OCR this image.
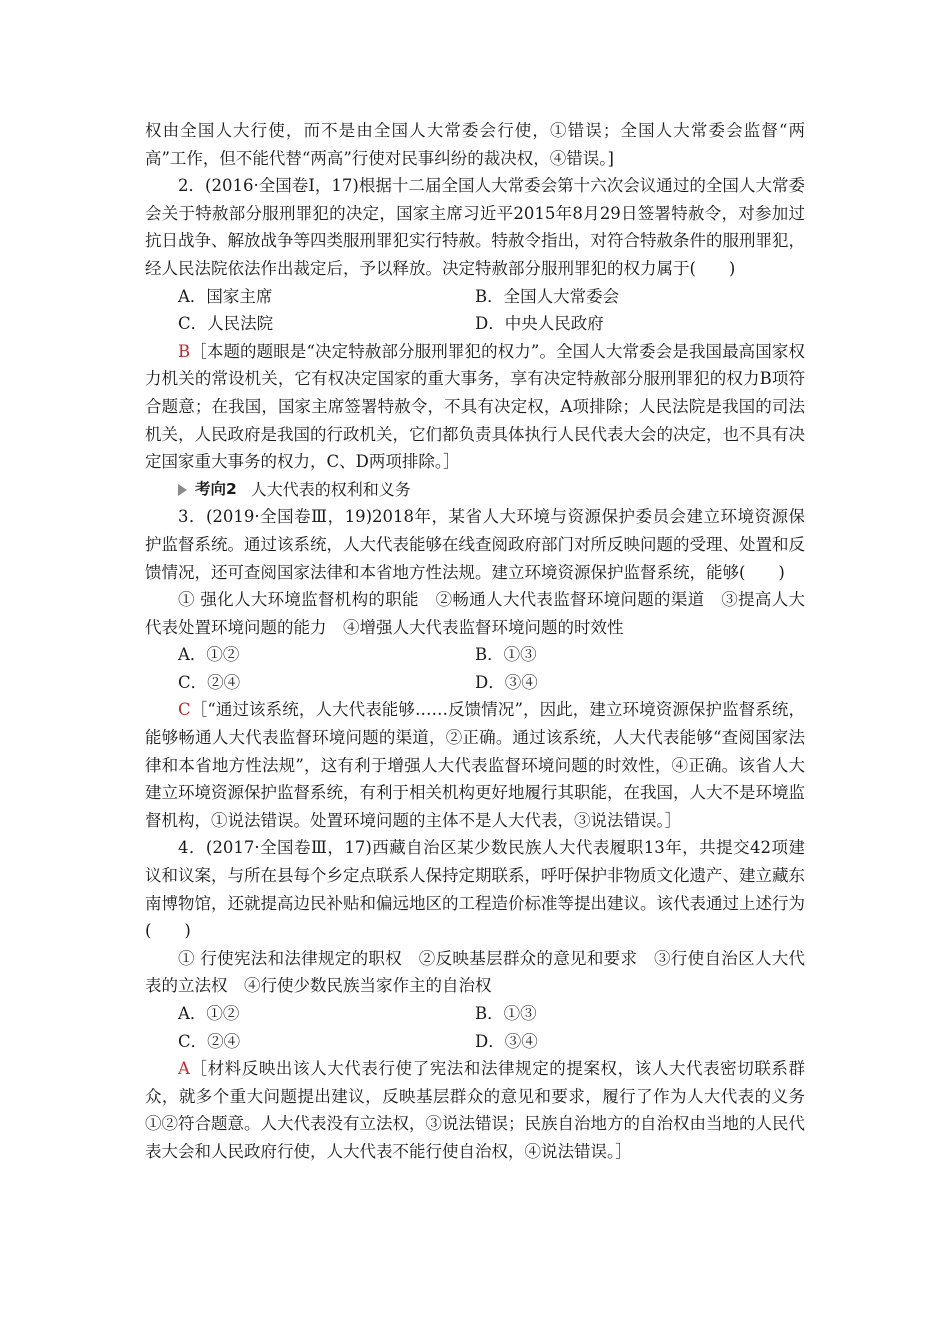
权由全国人大行使，而不是由全国人大常委会行使，①错误；全国人大常委会监督“两高”工作，但不能代替“两高”行使对民事纠纷的裁决权，④错误。]

2．(2016·全国卷Ⅰ，17)根据十二届全国人大常委会第十六次会议通过的全国人大常委会关于特赦部分服刑罪犯的决定，国家主席习近平2015年8月29日签署特赦令，对参加过抗日战争、解放战争等四类服刑罪犯实行特赦。特赦令指出，对符合特赦条件的服刑罪犯，经人民法院依法作出裁定后，予以释放。决定特赦部分服刑罪犯的权力属于(　　)

A．国家主席	B．全国人大常委会
C．人民法院	D．中央人民政府

B［本题的题眼是“决定特赦部分服刑罪犯的权力”。全国人大常委会是我国最高国家权力机关的常设机关，它有权决定国家的重大事务，享有决定特赦部分服刑罪犯的权力B项符合题意；在我国，国家主席签署特赦令，不具有决定权，A项排除；人民法院是我国的司法机关，人民政府是我国的行政机关，它们都负责具体执行人民代表大会的决定，也不具有决定国家重大事务的权力，C、D两项排除。］

考向2 人大代表的权利和义务

3．(2019·全国卷Ⅲ，19)2018年，某省人大环境与资源保护委员会建立环境资源保护监督系统。通过该系统，人大代表能够在线查阅政府部门对所反映问题的受理、处置和反馈情况，还可查阅国家法律和本省地方性法规。建立环境资源保护监督系统，能够(　　)

① 强化人大环境监督机构的职能　②畅通人大代表监督环境问题的渠道　③提高人大代表处置环境问题的能力　④增强人大代表监督环境问题的时效性

A．①②	B．①③
C．②④	D．③④

C［“通过该系统，人大代表能够……反馈情况”，因此，建立环境资源保护监督系统，能够畅通人大代表监督环境问题的渠道，②正确。通过该系统，人大代表能够“查阅国家法律和本省地方性法规”，这有利于增强人大代表监督环境问题的时效性，④正确。该省人大建立环境资源保护监督系统，有利于相关机构更好地履行其职能，在我国，人大不是环境监督机构，①说法错误。处置环境问题的主体不是人大代表，③说法错误。］

4．(2017·全国卷Ⅲ，17)西藏自治区某少数民族人大代表履职13年，共提交42项建议和议案，与所在县每个乡定点联系人保持定期联系，呼吁保护非物质文化遗产、建立藏东南博物馆，还就提高边民补贴和偏远地区的工程造价标准等提出建议。该代表通过上述行为(　　)

① 行使宪法和法律规定的职权　②反映基层群众的意见和要求　③行使自治区人大代表的立法权　④行使少数民族当家作主的自治权

A．①②	B．①③
C．②④	D．③④

A［材料反映出该人大代表行使了宪法和法律规定的提案权，该人大代表密切联系群众，就多个重大问题提出建议，反映基层群众的意见和要求，履行了作为人大代表的义务①②符合题意。人大代表没有立法权，③说法错误；民族自治地方的自治权由当地的人民代表大会和人民政府行使，人大代表不能行使自治权，④说法错误。］
